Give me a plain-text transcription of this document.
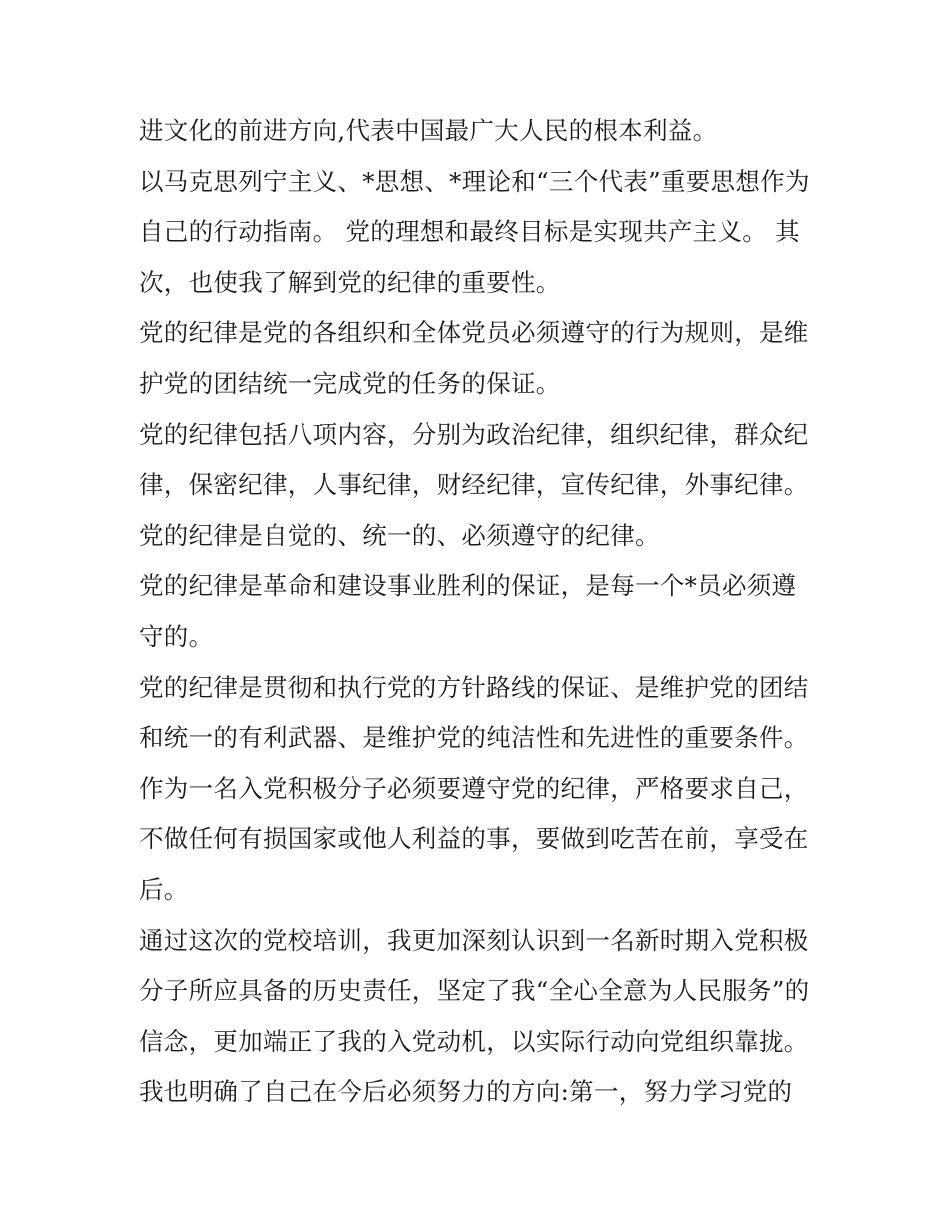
进文化的前进方向,代表中国最广大人民的根本利益。
以马克思列宁主义、*思想、*理论和“三个代表”重要思想作为
自己的行动指南。 党的理想和最终目标是实现共产主义。 其
次，也使我了解到党的纪律的重要性。
党的纪律是党的各组织和全体党员必须遵守的行为规则，是维
护党的团结统一完成党的任务的保证。
党的纪律包括八项内容，分别为政治纪律，组织纪律，群众纪
律，保密纪律，人事纪律，财经纪律，宣传纪律，外事纪律。
党的纪律是自觉的、统一的、必须遵守的纪律。
党的纪律是革命和建设事业胜利的保证，是每一个*员必须遵
守的。
党的纪律是贯彻和执行党的方针路线的保证、是维护党的团结
和统一的有利武器、是维护党的纯洁性和先进性的重要条件。
作为一名入党积极分子必须要遵守党的纪律，严格要求自己，
不做任何有损国家或他人利益的事，要做到吃苦在前，享受在
后。
通过这次的党校培训，我更加深刻认识到一名新时期入党积极
分子所应具备的历史责任，坚定了我“全心全意为人民服务”的
信念，更加端正了我的入党动机，以实际行动向党组织靠拢。
我也明确了自己在今后必须努力的方向:第一，努力学习党的
